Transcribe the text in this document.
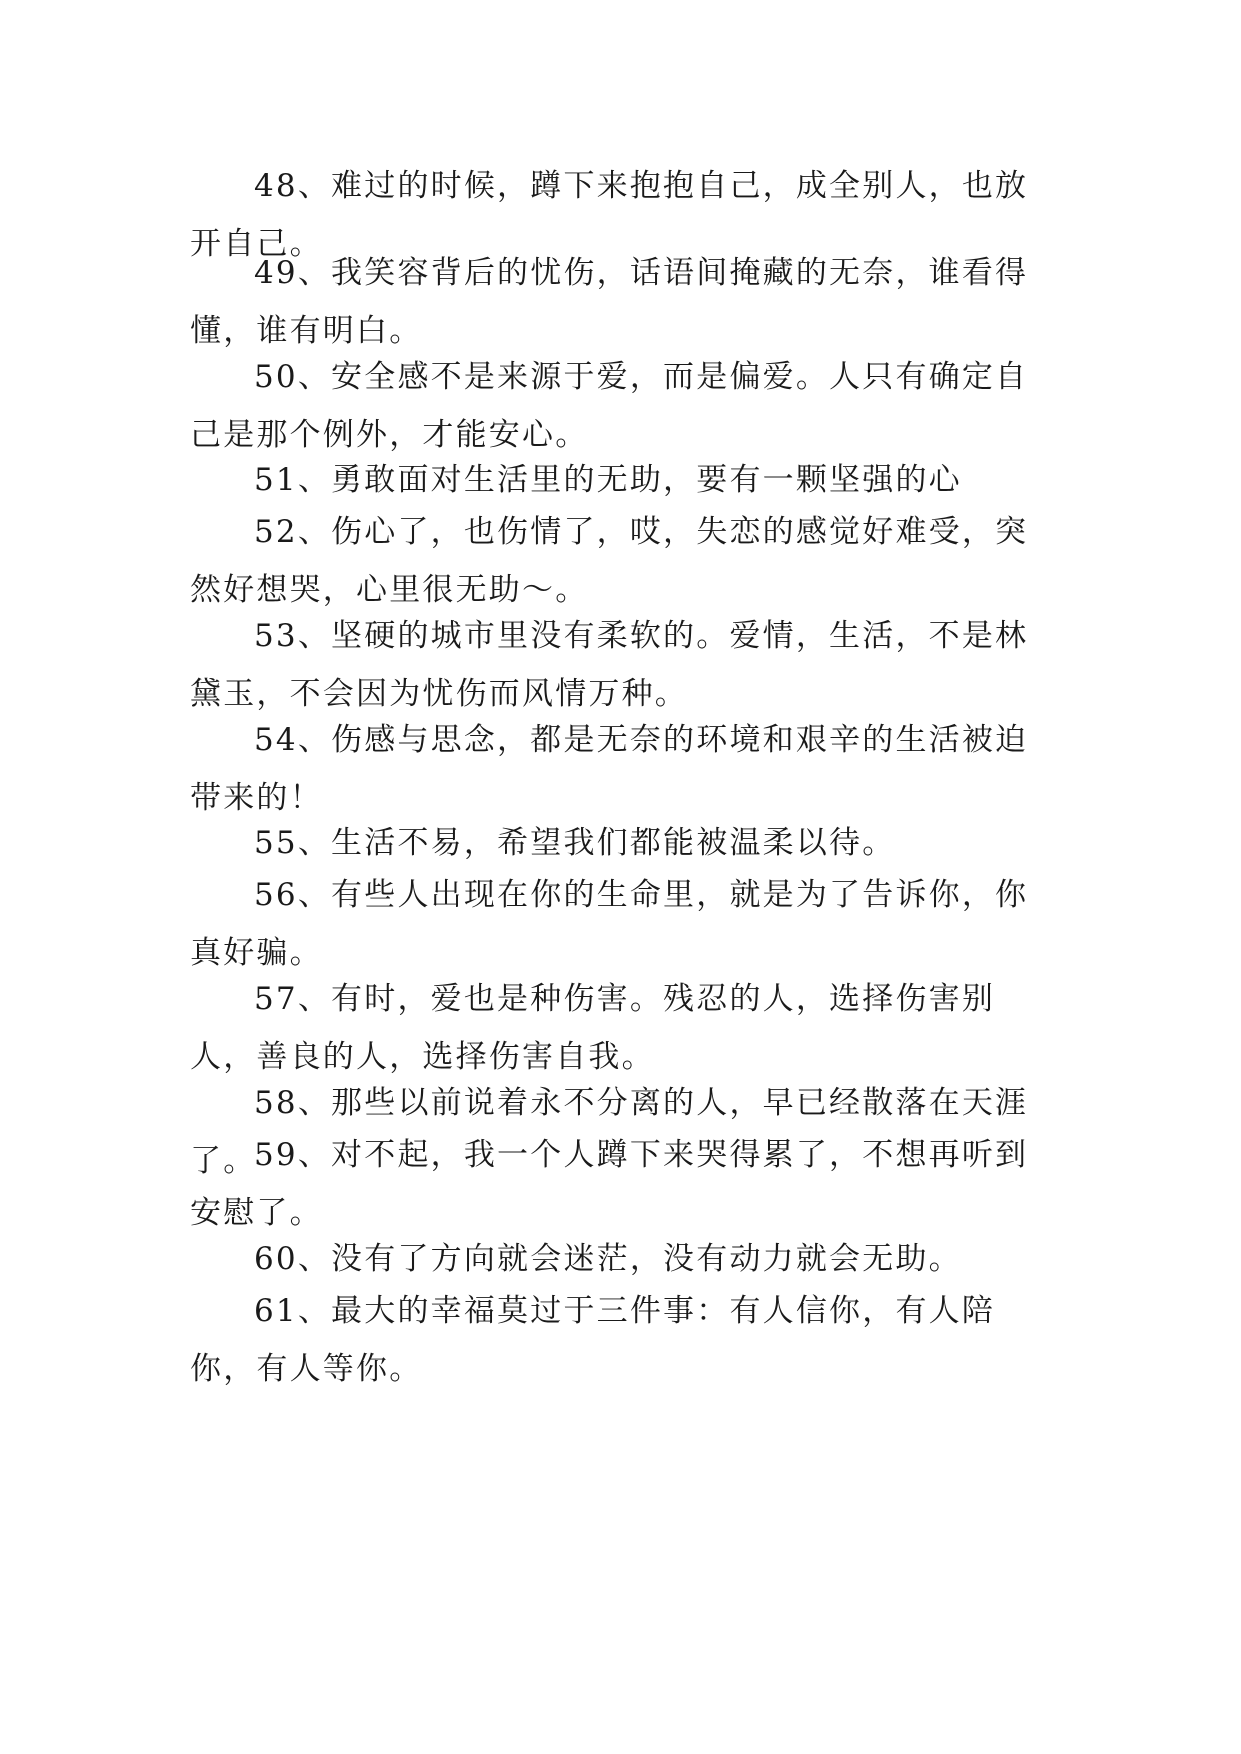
48、难过的时候，蹲下来抱抱自己，成全别人，也放开自己。

49、我笑容背后的忧伤，话语间掩藏的无奈，谁看得懂，谁有明白。

50、安全感不是来源于爱，而是偏爱。人只有确定自己是那个例外，才能安心。

51、勇敢面对生活里的无助，要有一颗坚强的心

52、伤心了，也伤情了，哎，失恋的感觉好难受，突然好想哭，心里很无助～。

53、坚硬的城市里没有柔软的。爱情，生活，不是林黛玉，不会因为忧伤而风情万种。

54、伤感与思念，都是无奈的环境和艰辛的生活被迫带来的！

55、生活不易，希望我们都能被温柔以待。

56、有些人出现在你的生命里，就是为了告诉你，你真好骗。

57、有时，爱也是种伤害。残忍的人，选择伤害别人，善良的人，选择伤害自我。

58、那些以前说着永不分离的人，早已经散落在天涯了。

59、对不起，我一个人蹲下来哭得累了，不想再听到安慰了。

60、没有了方向就会迷茫，没有动力就会无助。

61、最大的幸福莫过于三件事：有人信你，有人陪你，有人等你。
